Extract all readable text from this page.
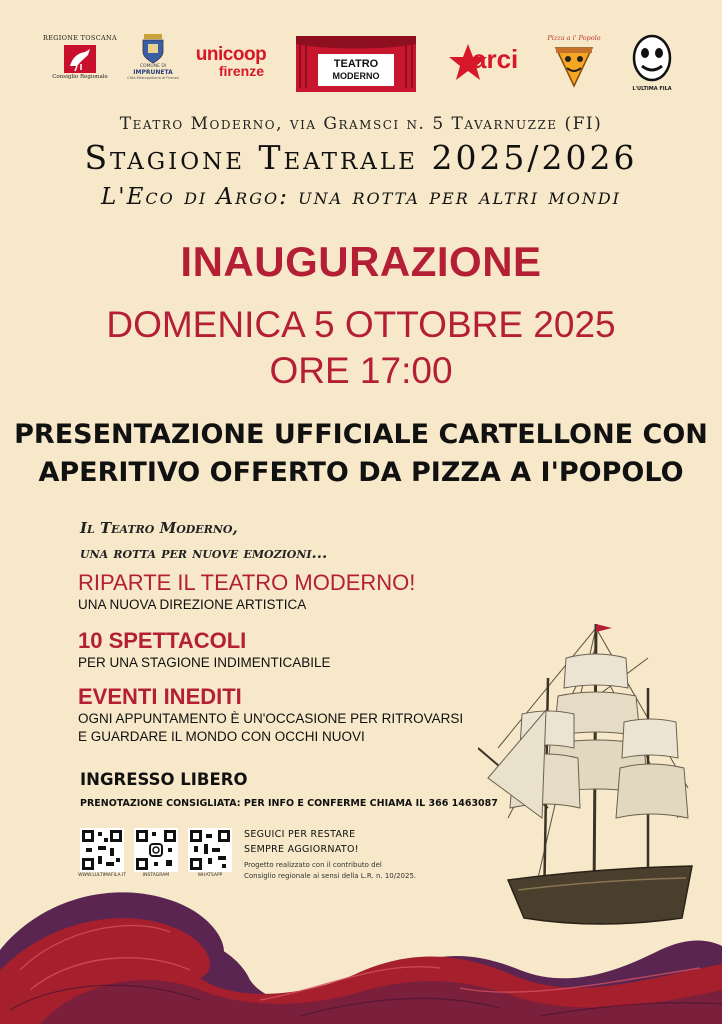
REGIONE TOSCANA
Consiglio Regionale
COMUNE DI
IMPRUNETA
Città Metropolitana di Firenze
unicoop
firenze	TEATRO
MODERNO
arci
Pizza a i' Popolo
L'ULTIMA FILA
Teatro Moderno, via Gramsci n. 5 Tavarnuzze (FI)
Stagione Teatrale 2025/2026
L'Eco di Argo: una rotta per altri mondi
INAUGURAZIONE
DOMENICA 5 OTTOBRE 2025
ORE 17:00
PRESENTAZIONE UFFICIALE CARTELLONE CON
APERITIVO OFFERTO DA PIZZA A I'POPOLO
Il Teatro Moderno,
una rotta per nuove emozioni...
RIPARTE IL TEATRO MODERNO!
UNA NUOVA DIREZIONE ARTISTICA
10 SPETTACOLI
PER UNA STAGIONE INDIMENTICABILE
EVENTI INEDITI
OGNI APPUNTAMENTO È UN'OCCASIONE PER RITROVARSI
E GUARDARE IL MONDO CON OCCHI NUOVI
INGRESSO LIBERO
PRENOTAZIONE CONSIGLIATA: PER INFO E CONFERME CHIAMA IL 366 1463087
WWW.LULTIMAFILA.IT	INSTAGRAM	WHATSAPP
SEGUICI PER RESTARE
SEMPRE AGGIORNATO!
Progetto realizzato con il contributo del
Consiglio regionale ai sensi della L.R. n. 10/2025.
